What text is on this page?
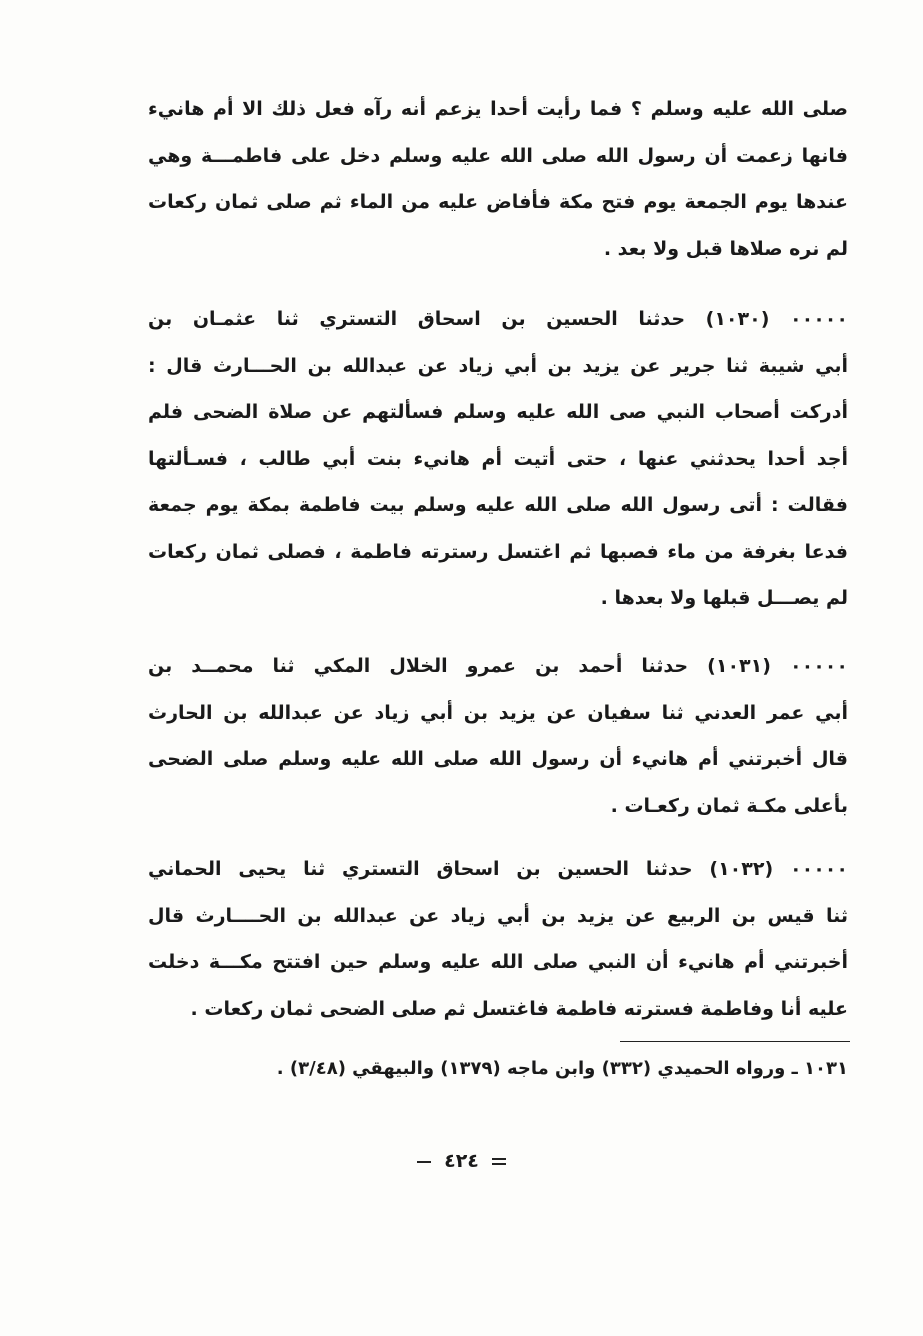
صلى الله عليه وسلم ؟ فما رأيت أحدا يزعم أنه رآه فعل ذلك الا أم هانيء
فانها زعمت أن رسول الله صلى الله عليه وسلم دخل على فاطمـــة وهي
عندها يوم الجمعة يوم فتح مكة فأفاض عليه من الماء ثم صلى ثمان ركعات
لم نره صلاها قبل ولا بعد .
٠٠٠٠٠ (١٠٣٠) حدثنا الحسين بن اسحاق التستري ثنا عثمـان بن
أبي شيبة ثنا جرير عن يزيد بن أبي زياد عن عبدالله بن الحـــارث قال :
أدركت أصحاب النبي صى الله عليه وسلم فسألتهم عن صلاة الضحى فلم
أجد أحدا يحدثني عنها ، حتى أتيت أم هانيء بنت أبي طالب ، فسـألتها
فقالت : أتى رسول الله صلى الله عليه وسلم بيت فاطمة بمكة يوم جمعة
فدعا بغرفة من ماء فصبها ثم اغتسل رسترته فاطمة ، فصلى ثمان ركعات
لم يصـــل قبلها ولا بعدها .
٠٠٠٠٠ (١٠٣١) حدثنا أحمد بن عمرو الخلال المكي ثنا محمــد بن
أبي عمر العدني ثنا سفيان عن يزيد بن أبي زياد عن عبدالله بن الحارث
قال أخبرتني أم هانيء أن رسول الله صلى الله عليه وسلم صلى الضحى
بأعلى مكـة ثمان ركعـات .
٠٠٠٠٠ (١٠٣٢) حدثنا الحسين بن اسحاق التستري ثنا يحيى الحماني
ثنا قيس بن الربيع عن يزيد بن أبي زياد عن عبدالله بن الحــــارث قال
أخبرتني أم هانيء أن النبي صلى الله عليه وسلم حين افتتح مكـــة دخلت
عليه أنا وفاطمة فسترته فاطمة فاغتسل ثم صلى الضحى ثمان ركعات .
١٠٣١ ـ ورواه الحميدي (٣٣٢) وابن ماجه (١٣٧٩) والبيهقي (٣/٤٨) .
٤٢٤
